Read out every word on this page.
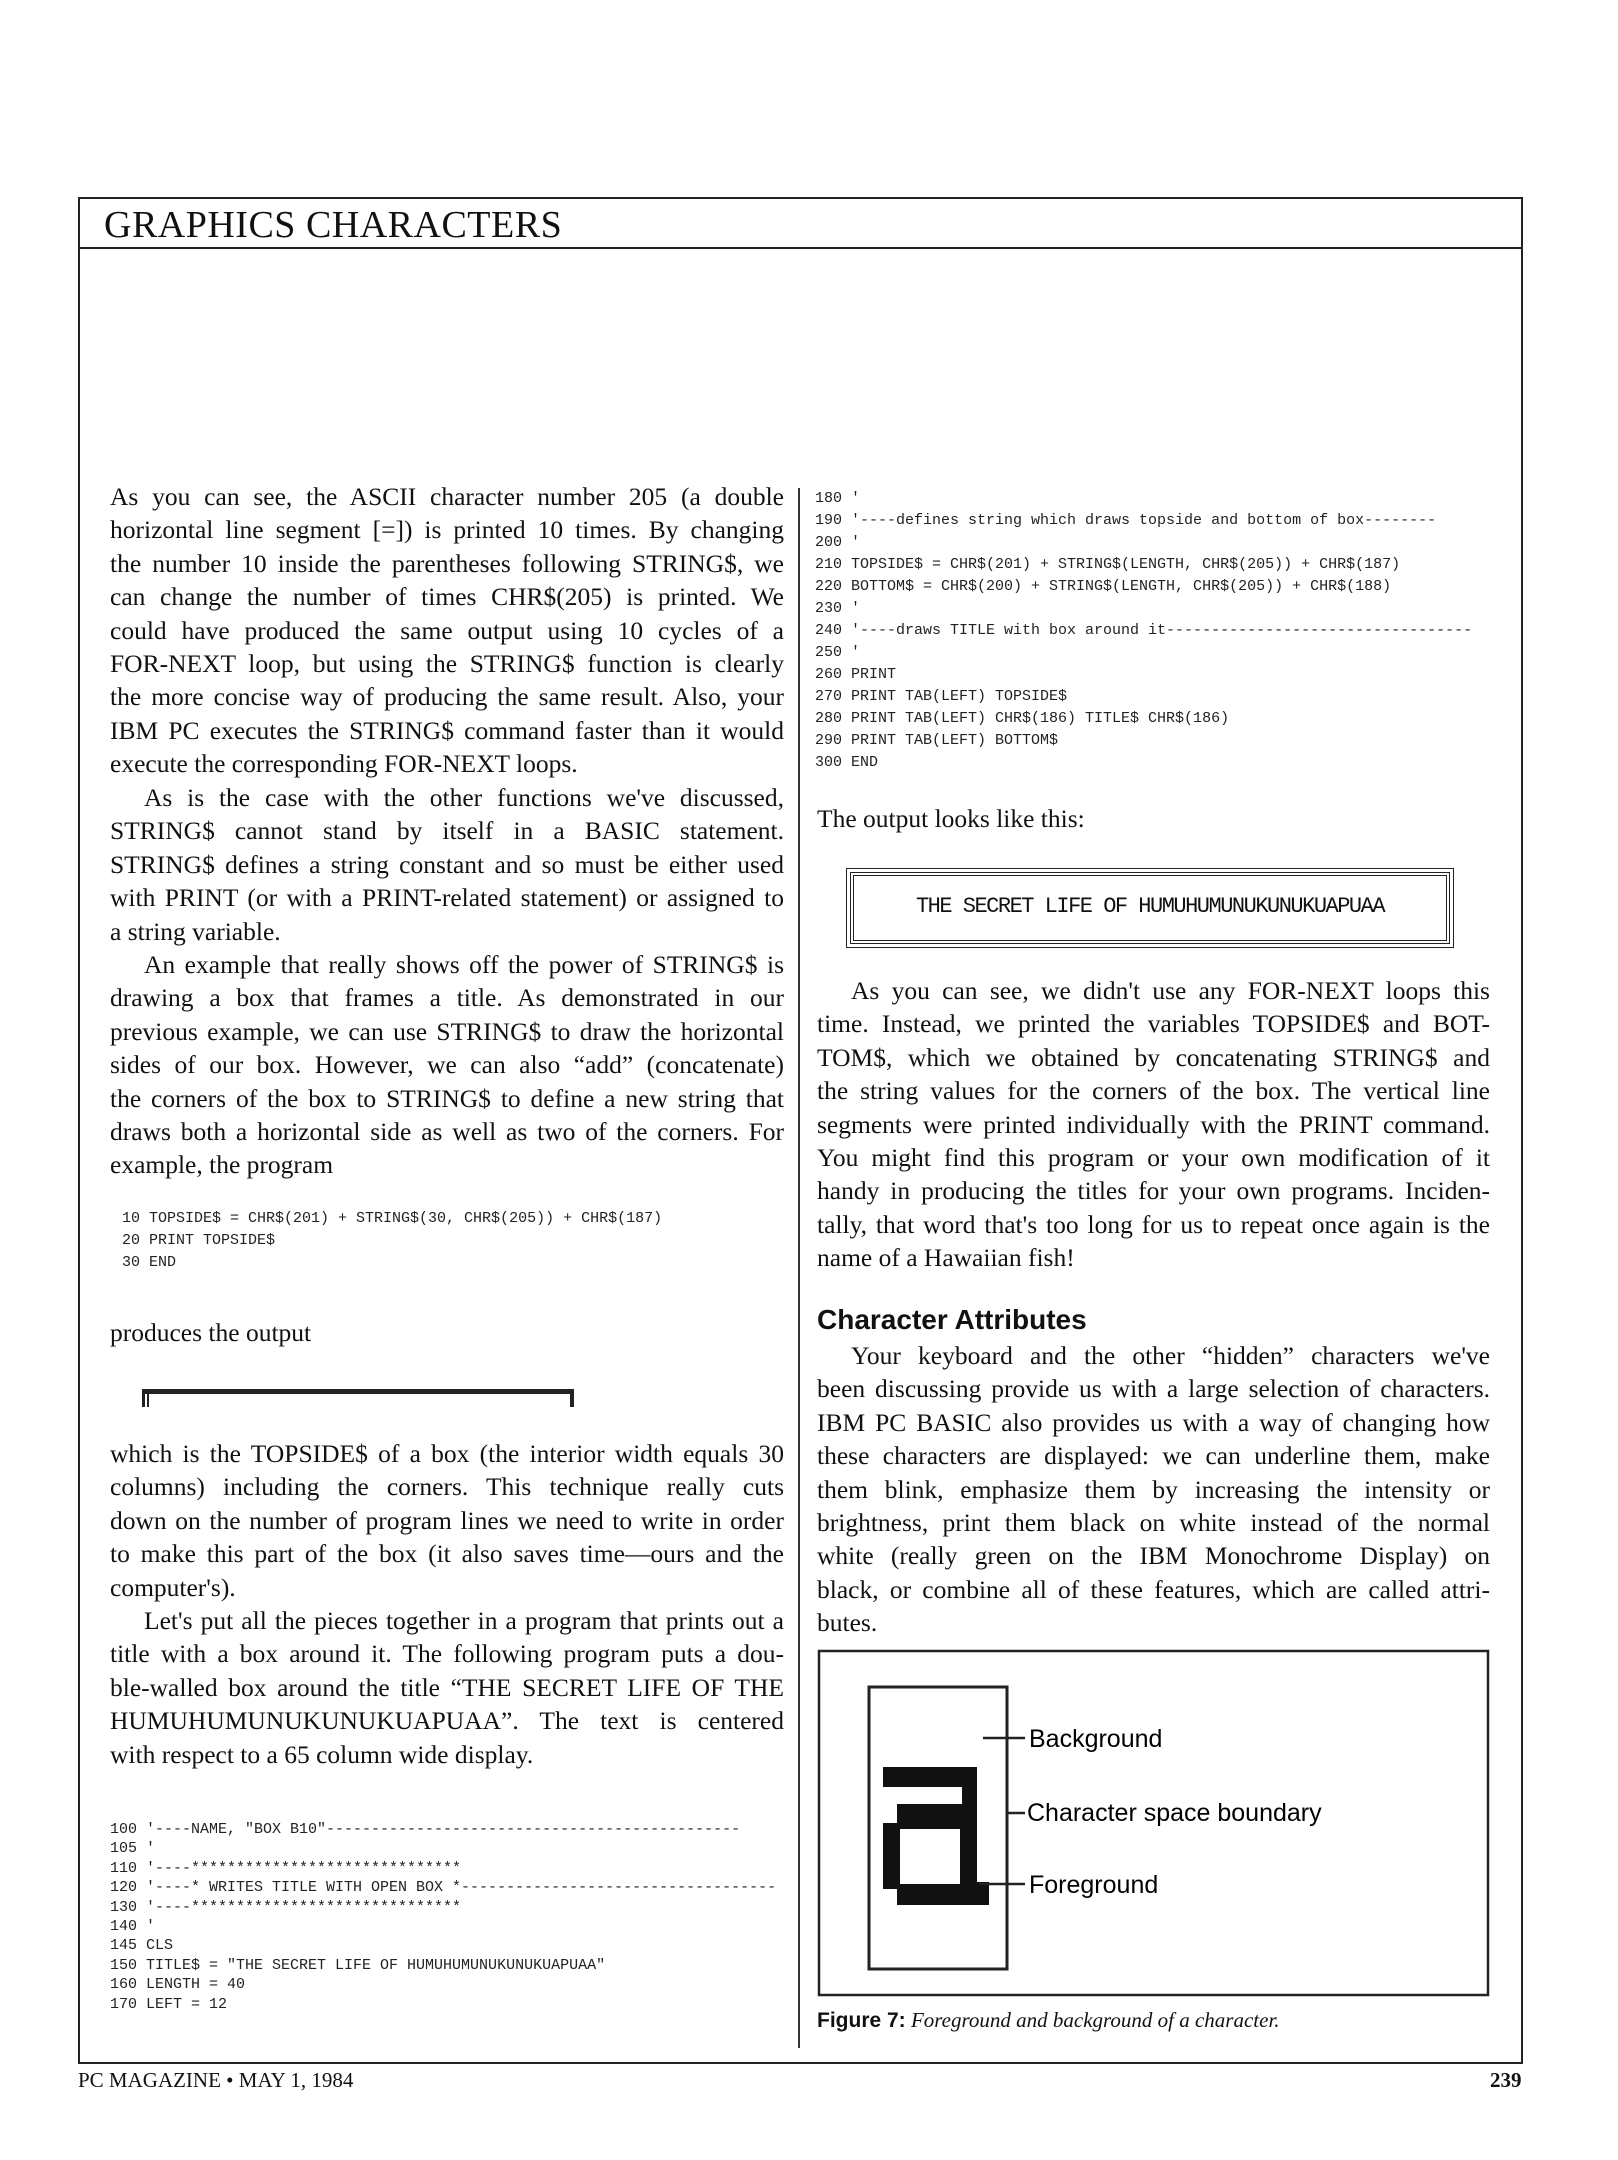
GRAPHICS CHARACTERS
As you can see, the ASCII character number 205 (a double
horizontal line segment [=]) is printed 10 times. By changing
the number 10 inside the parentheses following STRING$, we
can change the number of times CHR$(205) is printed. We
could have produced the same output using 10 cycles of a
FOR-NEXT loop, but using the STRING$ function is clearly
the more concise way of producing the same result. Also, your
IBM PC executes the STRING$ command faster than it would
execute the corresponding FOR-NEXT loops.
As is the case with the other functions we've discussed,
STRING$ cannot stand by itself in a BASIC statement.
STRING$ defines a string constant and so must be either used
with PRINT (or with a PRINT-related statement) or assigned to
a string variable.
An example that really shows off the power of STRING$ is
drawing a box that frames a title. As demonstrated in our
previous example, we can use STRING$ to draw the horizontal
sides of our box. However, we can also “add” (concatenate)
the corners of the box to STRING$ to define a new string that
draws both a horizontal side as well as two of the corners. For
example, the program
10 TOPSIDE$ = CHR$(201) + STRING$(30, CHR$(205)) + CHR$(187)
20 PRINT TOPSIDE$
30 END
produces the output
which is the TOPSIDE$ of a box (the interior width equals 30
columns) including the corners. This technique really cuts
down on the number of program lines we need to write in order
to make this part of the box (it also saves time—ours and the
computer's).
Let's put all the pieces together in a program that prints out a
title with a box around it. The following program puts a dou-
ble-walled box around the title “THE SECRET LIFE OF THE
HUMUHUMUNUKUNUKUAPUAA”. The text is centered
with respect to a 65 column wide display.
100 '----NAME, "BOX B10"----------------------------------------------
105 '
110 '----******************************
120 '----* WRITES TITLE WITH OPEN BOX *-----------------------------------
130 '----******************************
140 '
145 CLS
150 TITLE$ = "THE SECRET LIFE OF HUMUHUMUNUKUNUKUAPUAA"
160 LENGTH = 40
170 LEFT = 12
180 '
190 '----defines string which draws topside and bottom of box--------
200 '
210 TOPSIDE$ = CHR$(201) + STRING$(LENGTH, CHR$(205)) + CHR$(187)
220 BOTTOM$ = CHR$(200) + STRING$(LENGTH, CHR$(205)) + CHR$(188)
230 '
240 '----draws TITLE with box around it----------------------------------
250 '
260 PRINT
270 PRINT TAB(LEFT) TOPSIDE$
280 PRINT TAB(LEFT) CHR$(186) TITLE$ CHR$(186)
290 PRINT TAB(LEFT) BOTTOM$
300 END
The output looks like this:
THE SECRET LIFE OF HUMUHUMUNUKUNUKUAPUAA
As you can see, we didn't use any FOR-NEXT loops this
time. Instead, we printed the variables TOPSIDE$ and BOT-
TOM$, which we obtained by concatenating STRING$ and
the string values for the corners of the box. The vertical line
segments were printed individually with the PRINT command.
You might find this program or your own modification of it
handy in producing the titles for your own programs. Inciden-
tally, that word that's too long for us to repeat once again is the
name of a Hawaiian fish!
Character Attributes
Your keyboard and the other “hidden” characters we've
been discussing provide us with a large selection of characters.
IBM PC BASIC also provides us with a way of changing how
these characters are displayed: we can underline them, make
them blink, emphasize them by increasing the intensity or
brightness, print them black on white instead of the normal
white (really green on the IBM Monochrome Display) on
black, or combine all of these features, which are called attri-
butes.
Background
Character space boundary
Foreground
Figure 7: Foreground and background of a character.
PC MAGAZINE • MAY 1, 1984	239
